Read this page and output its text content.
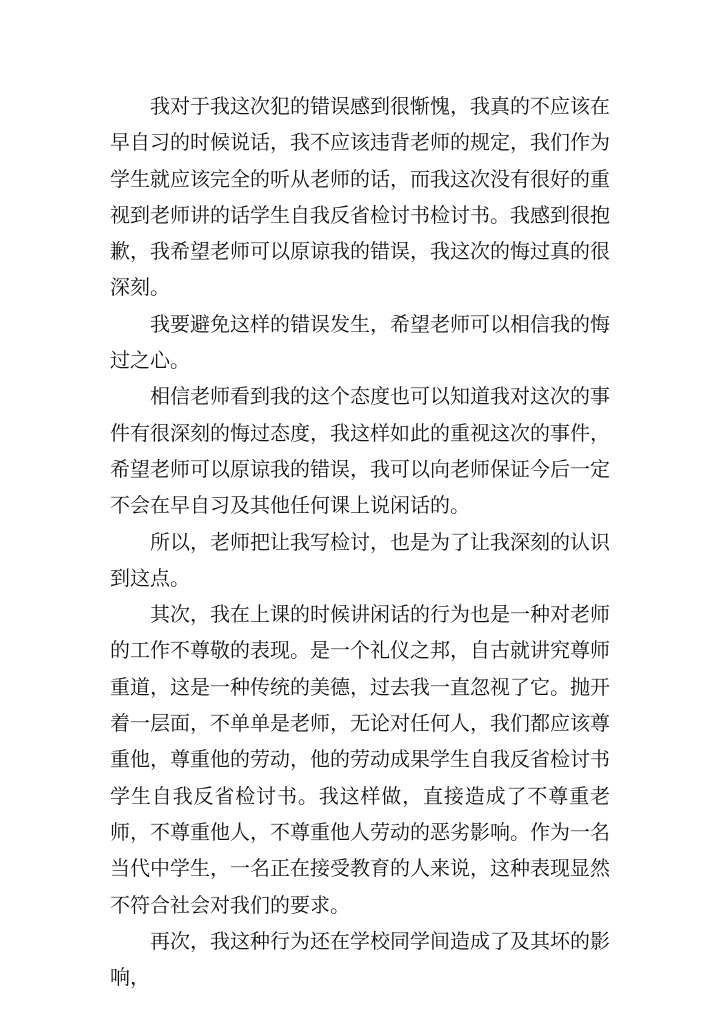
我对于我这次犯的错误感到很惭愧，我真的不应该在早自习的时候说话，我不应该违背老师的规定，我们作为学生就应该完全的听从老师的话，而我这次没有很好的重视到老师讲的话学生自我反省检讨书检讨书。我感到很抱歉，我希望老师可以原谅我的错误，我这次的悔过真的很深刻。

我要避免这样的错误发生，希望老师可以相信我的悔过之心。

相信老师看到我的这个态度也可以知道我对这次的事件有很深刻的悔过态度，我这样如此的重视这次的事件，希望老师可以原谅我的错误，我可以向老师保证今后一定不会在早自习及其他任何课上说闲话的。

所以，老师把让我写检讨，也是为了让我深刻的认识到这点。

其次，我在上课的时候讲闲话的行为也是一种对老师的工作不尊敬的表现。是一个礼仪之邦，自古就讲究尊师重道，这是一种传统的美德，过去我一直忽视了它。抛开着一层面，不单单是老师，无论对任何人，我们都应该尊重他，尊重他的劳动，他的劳动成果学生自我反省检讨书学生自我反省检讨书。我这样做，直接造成了不尊重老师，不尊重他人，不尊重他人劳动的恶劣影响。作为一名当代中学生，一名正在接受教育的人来说，这种表现显然不符合社会对我们的要求。

再次，我这种行为还在学校同学间造成了及其坏的影响，
